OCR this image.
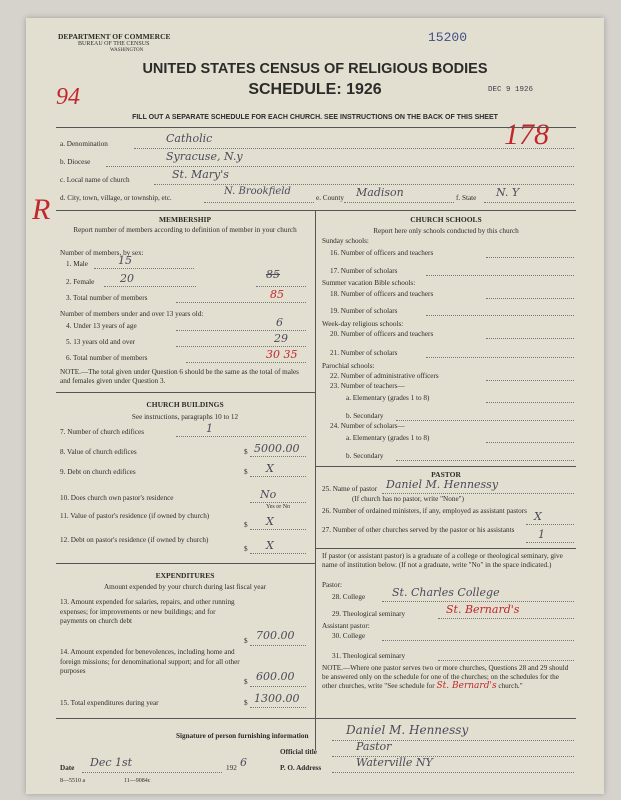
DEPARTMENT OF COMMERCE
BUREAU OF THE CENSUS
WASHINGTON
15200
UNITED STATES CENSUS OF RELIGIOUS BODIES
SCHEDULE: 1926	DEC 9 1926
94
178
R
FILL OUT A SEPARATE SCHEDULE FOR EACH CHURCH. SEE INSTRUCTIONS ON THE BACK OF THIS SHEET
a. Denomination	Catholic
b. Diocese	Syracuse, N.y
c. Local name of church	St. Mary's
d. City, town, village, or township, etc.
N. Brookfield
e. County Madison	f. State N. Y
MEMBERSHIP
Report number of members according to definition of member in your church
Number of members, by sex:
1. Male	15
2. Female 20	85
3. Total number of members	85
Number of members under and over 13 years old:
4. Under 13 years of age	6
5. 13 years old and over	29
6. Total number of members	30 35
NOTE.—The total given under Question 6 should be the same as the total of males and females given under Question 3.
CHURCH BUILDINGS
See instructions, paragraphs 10 to 12
7. Number of church edifices	1
8. Value of church edifices	$ 5000.00
9. Debt on church edifices	$ X
10. Does church own pastor's residence	No
Yes or No
11. Value of pastor's residence (if owned by church)
$ X
12. Debt on pastor's residence (if owned by church)
$ X
EXPENDITURES
Amount expended by your church during last fiscal year
13. Amount expended for salaries, repairs, and other running expenses; for improvements or new buildings; and for payments on church debt
$ 700.00
14. Amount expended for benevolences, including home and foreign missions; for denominational support; and for all other purposes
$ 600.00
15. Total expenditures during year	$ 1300.00
CHURCH SCHOOLS
Report here only schools conducted by this church
Sunday schools:
16. Number of officers and teachers
17. Number of scholars
Summer vacation Bible schools:
18. Number of officers and teachers
19. Number of scholars
Week-day religious schools:
20. Number of officers and teachers
21. Number of scholars
Parochial schools:
22. Number of administrative officers
23. Number of teachers—
a. Elementary (grades 1 to 8)
b. Secondary
24. Number of scholars—
a. Elementary (grades 1 to 8)
b. Secondary
PASTOR
25. Name of pastor Daniel M. Hennessy
(If church has no pastor, write "None")
26. Number of ordained ministers, if any, employed as assistant pastors X
27. Number of other churches served by the pastor or his assistants	1
If pastor (or assistant pastor) is a graduate of a college or theological seminary, give name of institution below. (If not a graduate, write "No" in the space indicated.)
Pastor:
28. College St. Charles College
29. Theological seminary	St. Bernard's
Assistant pastor:
30. College
31. Theological seminary
NOTE.—Where one pastor serves two or more churches, Questions 28 and 29 should be answered only on the schedule for one of the churches; on the schedules for the other churches, write "See schedule for St. Bernard's church."
Signature of person furnishing information	Daniel M. Hennessy
Official title	Pastor
Date Dec 1st	192 6	P. O. Address	Waterville NY
8—5510 a	11—9084c
